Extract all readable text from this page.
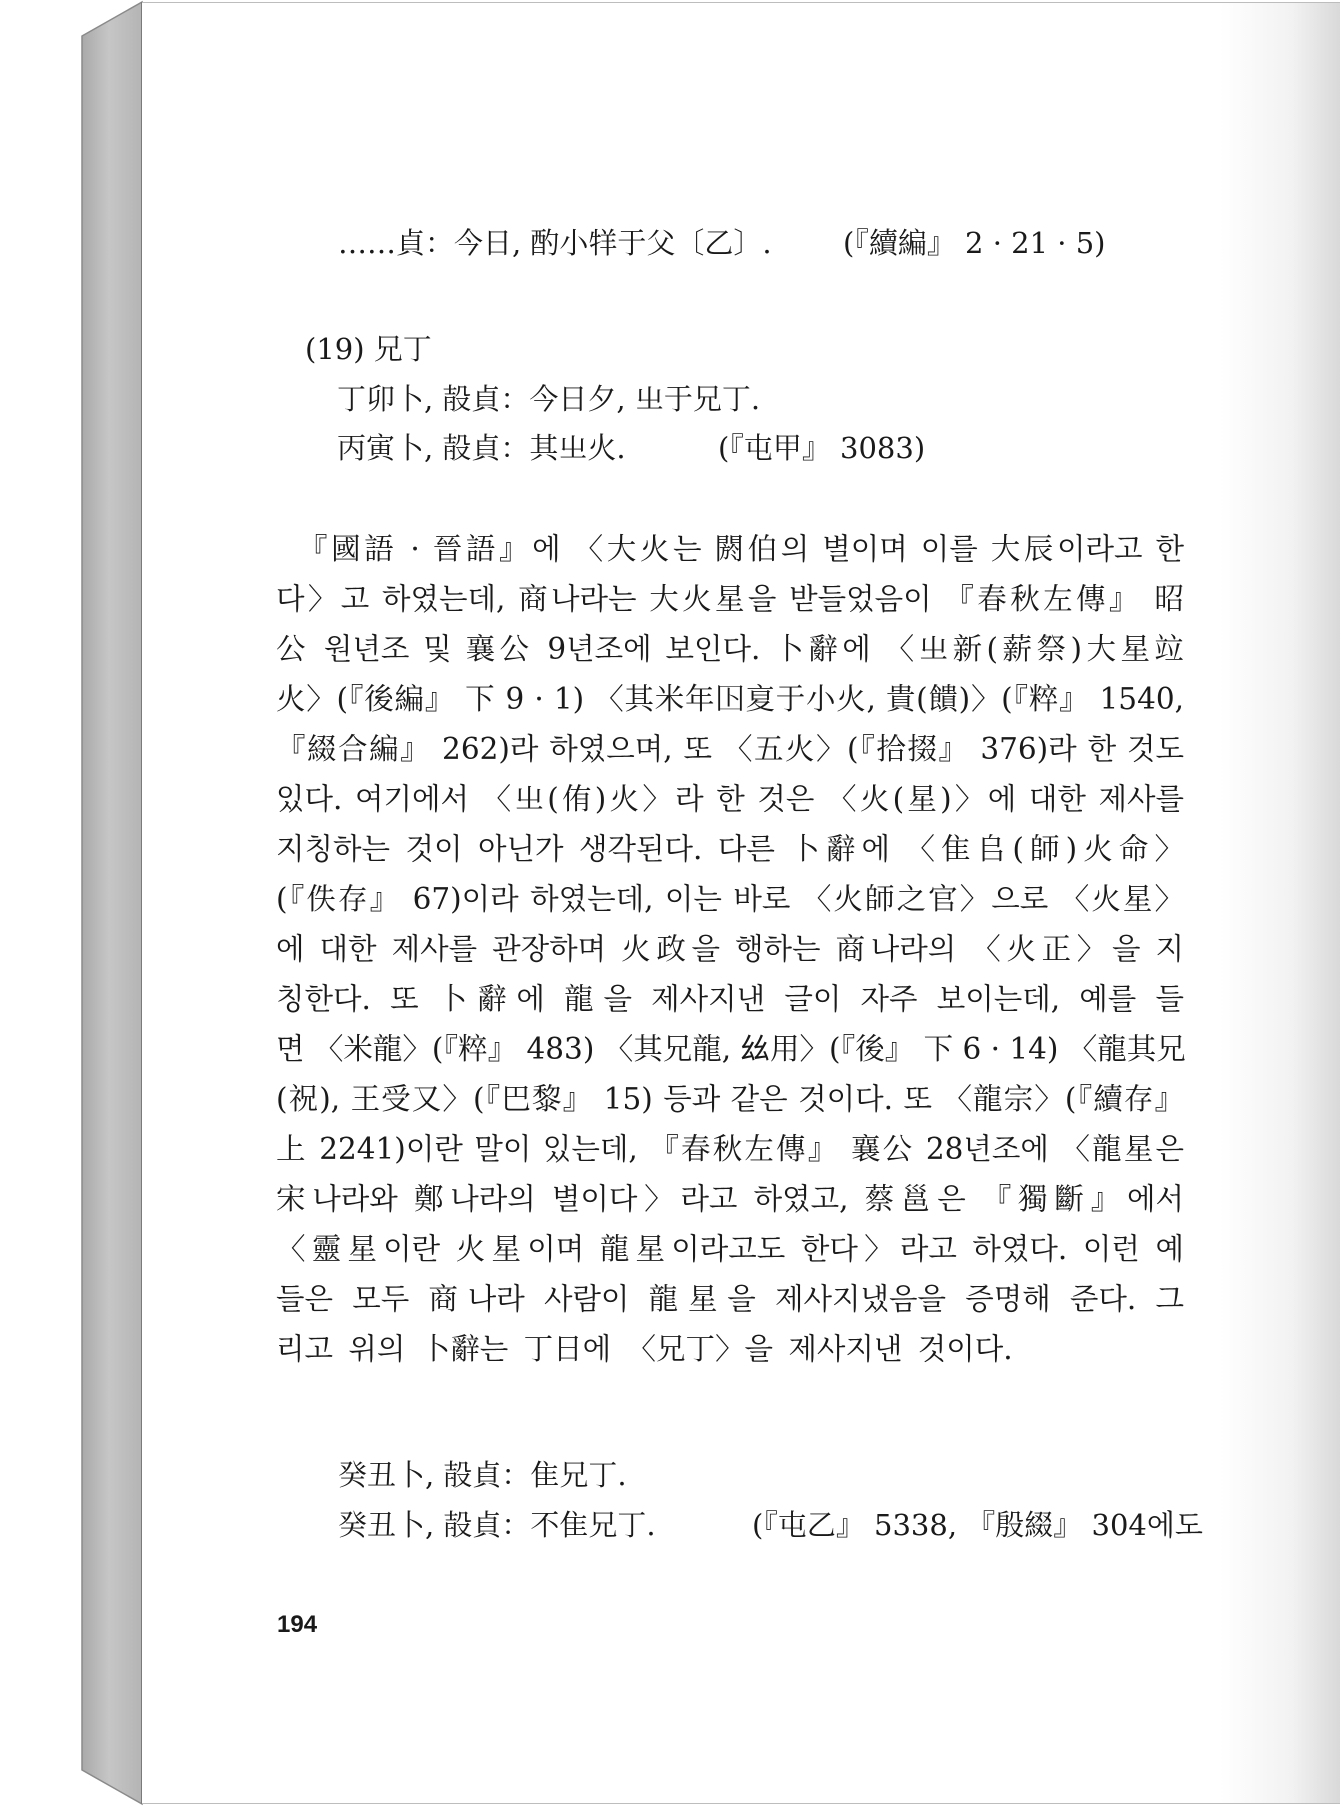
……貞：今日, 酌小䍧于父〔乙〕. (『續編』 2 · 21 · 5)

(19) 兄丁

丁卯卜, 㱿貞：今日夕, 㞢于兄丁.

丙寅卜, 㱿貞：其㞢火.	(『屯甲』 3083)

『國語 · 晉語』에 〈大火는 閼伯의 별이며 이를 大辰이라고 한

다〉고 하였는데, 商나라는 大火星을 받들었음이 『春秋左傳』 昭

公 원년조 및 襄公 9년조에 보인다. 卜辭에 〈㞢新(薪祭)大星竝

火〉(『後編』 下 9 · 1) 〈其米年𡆥㚆于小火, 貴(饋)〉(『粹』 1540,

『綴合編』 262)라 하였으며, 또 〈五火〉(『拾掇』 376)라 한 것도

있다. 여기에서 〈㞢(侑)火〉라 한 것은 〈火(星)〉에 대한 제사를

지칭하는 것이 아닌가 생각된다. 다른 卜辭에 〈隹𠂤(師)火命〉

(『佚存』 67)이라 하였는데, 이는 바로 〈火師之官〉으로 〈火星〉

에 대한 제사를 관장하며 火政을 행하는 商나라의 〈火正〉을 지

칭한다. 또 卜辭에 龍을 제사지낸 글이 자주 보이는데, 예를 들

면 〈米龍〉(『粹』 483) 〈其兄龍, 𢆶用〉(『後』 下 6 · 14) 〈龍其兄

(祝), 王受又〉(『巴黎』 15) 등과 같은 것이다. 또 〈龍宗〉(『續存』

上 2241)이란 말이 있는데, 『春秋左傳』 襄公 28년조에 〈龍星은

宋나라와 鄭나라의 별이다〉라고 하였고, 蔡邕은 『獨斷』에서

〈靈星이란 火星이며 龍星이라고도 한다〉라고 하였다. 이런 예

들은 모두 商나라 사람이 龍星을 제사지냈음을 증명해 준다. 그

리고 위의 卜辭는 丁日에 〈兄丁〉을 제사지낸 것이다.

癸丑卜, 㱿貞：隹兄丁.

癸丑卜, 㱿貞：不隹兄丁.	(『屯乙』 5338, 『殷綴』 304에도

194
